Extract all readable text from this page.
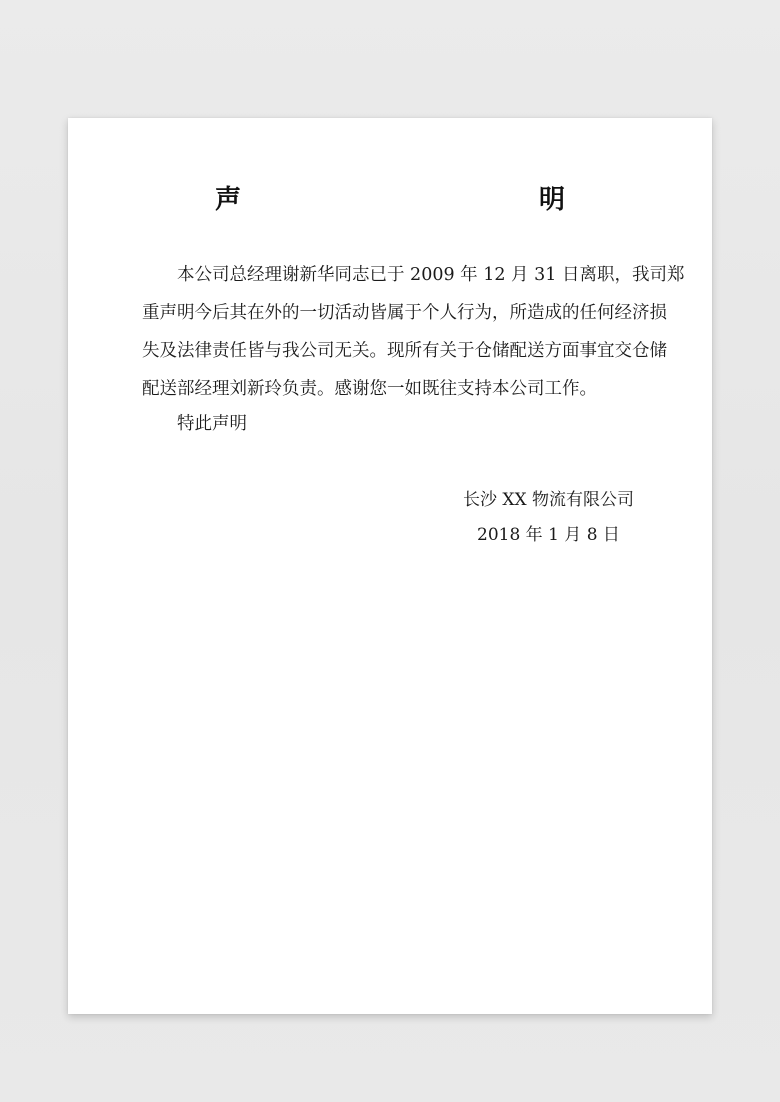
声　　明
本公司总经理谢新华同志已于 2009 年 12 月 31 日离职，我司郑
重声明今后其在外的一切活动皆属于个人行为，所造成的任何经济损
失及法律责任皆与我公司无关。现所有关于仓储配送方面事宜交仓储
配送部经理刘新玲负责。感谢您一如既往支持本公司工作。
特此声明
长沙 XX 物流有限公司
2018 年 1 月 8 日
